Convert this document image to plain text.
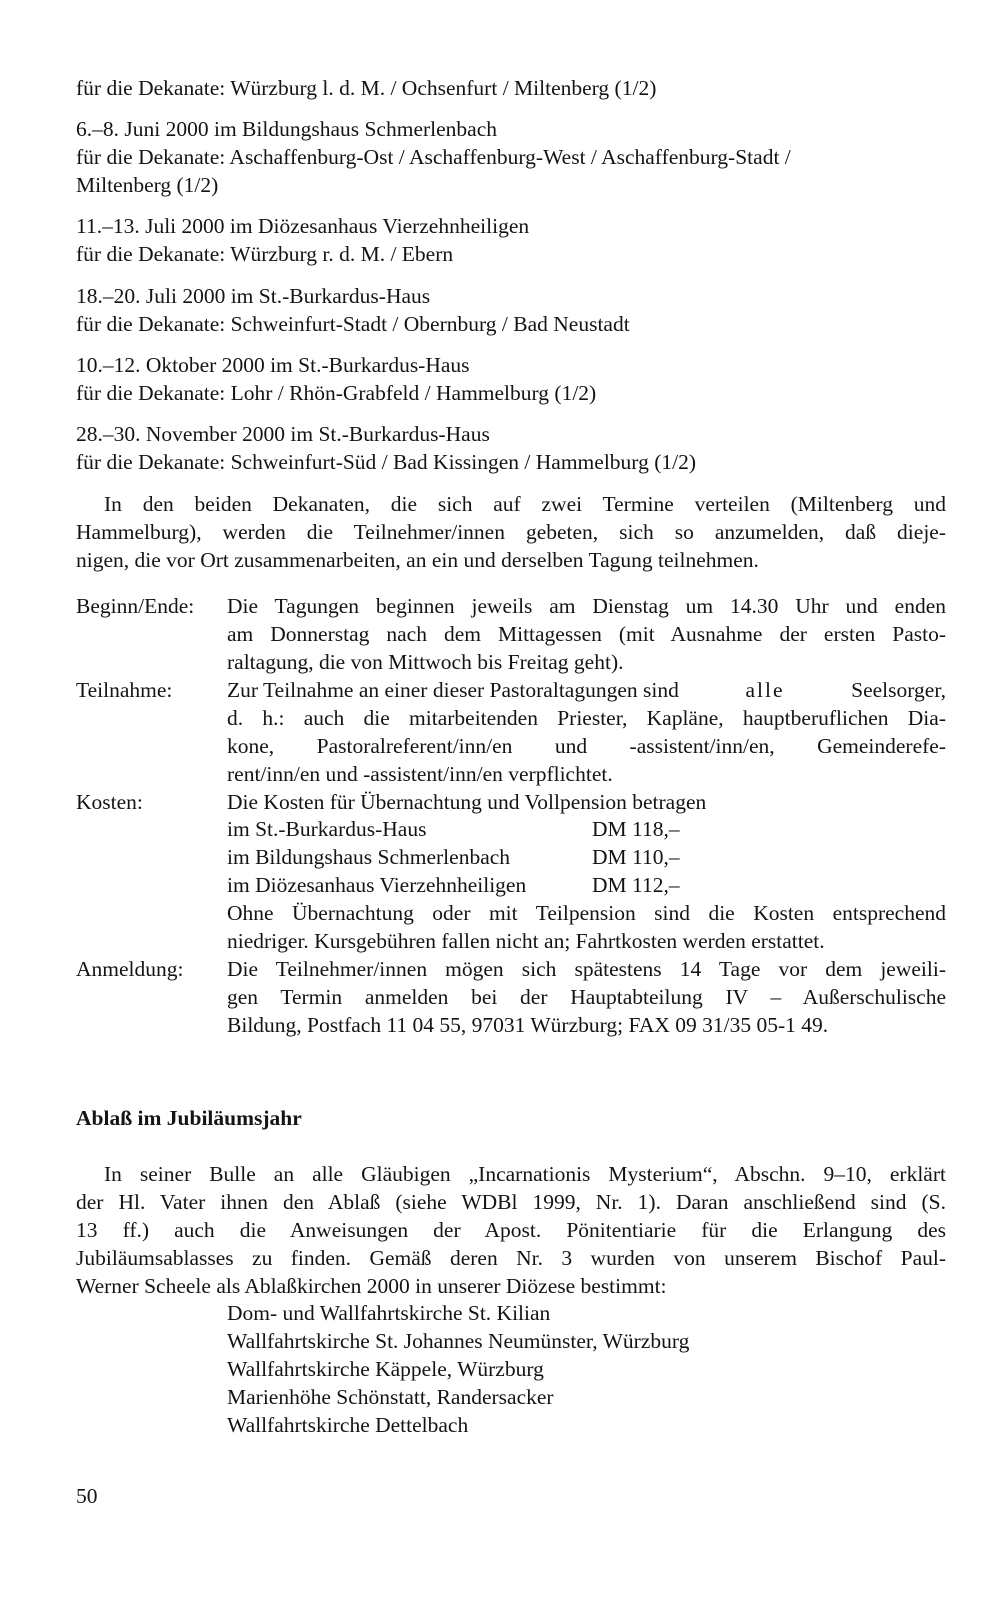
für die Dekanate: Würzburg l. d. M. / Ochsenfurt / Miltenberg (1/2)
6.–8. Juni 2000 im Bildungshaus Schmerlenbach
für die Dekanate: Aschaffenburg-Ost / Aschaffenburg-West / Aschaffenburg-Stadt /
Miltenberg (1/2)
11.–13. Juli 2000 im Diözesanhaus Vierzehnheiligen
für die Dekanate: Würzburg r. d. M. / Ebern
18.–20. Juli 2000 im St.-Burkardus-Haus
für die Dekanate: Schweinfurt-Stadt / Obernburg / Bad Neustadt
10.–12. Oktober 2000 im St.-Burkardus-Haus
für die Dekanate: Lohr / Rhön-Grabfeld / Hammelburg (1/2)
28.–30. November 2000 im St.-Burkardus-Haus
für die Dekanate: Schweinfurt-Süd / Bad Kissingen / Hammelburg (1/2)
In den beiden Dekanaten, die sich auf zwei Termine verteilen (Miltenberg und
Hammelburg), werden die Teilnehmer/innen gebeten, sich so anzumelden, daß dieje-
nigen, die vor Ort zusammenarbeiten, an ein und derselben Tagung teilnehmen.
Beginn/Ende: Die Tagungen beginnen jeweils am Dienstag um 14.30 Uhr und enden
am Donnerstag nach dem Mittagessen (mit Ausnahme der ersten Pasto-
raltagung, die von Mittwoch bis Freitag geht).
Teilnahme:	Zur Teilnahme an einer dieser Pastoraltagungen sind	alle	Seelsorger,
d. h.: auch die mitarbeitenden Priester, Kapläne, hauptberuflichen Dia-
kone, Pastoralreferent/inn/en und -assistent/inn/en, Gemeinderefe-
rent/inn/en und -assistent/inn/en verpflichtet.
Kosten:	Die Kosten für Übernachtung und Vollpension betragen
im St.-Burkardus-Haus	DM 118,–
im Bildungshaus Schmerlenbach	DM 110,–
im Diözesanhaus Vierzehnheiligen	DM 112,–
Ohne Übernachtung oder mit Teilpension sind die Kosten entsprechend
niedriger. Kursgebühren fallen nicht an; Fahrtkosten werden erstattet.
Anmeldung: Die Teilnehmer/innen mögen sich spätestens 14 Tage vor dem jeweili-
gen Termin anmelden bei der Hauptabteilung IV – Außerschulische
Bildung, Postfach 11 04 55, 97031 Würzburg; FAX 09 31/35 05-1 49.
Ablaß im Jubiläumsjahr
In seiner Bulle an alle Gläubigen „Incarnationis Mysterium“, Abschn. 9–10, erklärt
der Hl. Vater ihnen den Ablaß (siehe WDBl 1999, Nr. 1). Daran anschließend sind (S.
13 ff.) auch die Anweisungen der Apost. Pönitentiarie für die Erlangung des
Jubiläumsablasses zu finden. Gemäß deren Nr. 3 wurden von unserem Bischof Paul-
Werner Scheele als Ablaßkirchen 2000 in unserer Diözese bestimmt:
Dom- und Wallfahrtskirche St. Kilian
Wallfahrtskirche St. Johannes Neumünster, Würzburg
Wallfahrtskirche Käppele, Würzburg
Marienhöhe Schönstatt, Randersacker
Wallfahrtskirche Dettelbach
50
